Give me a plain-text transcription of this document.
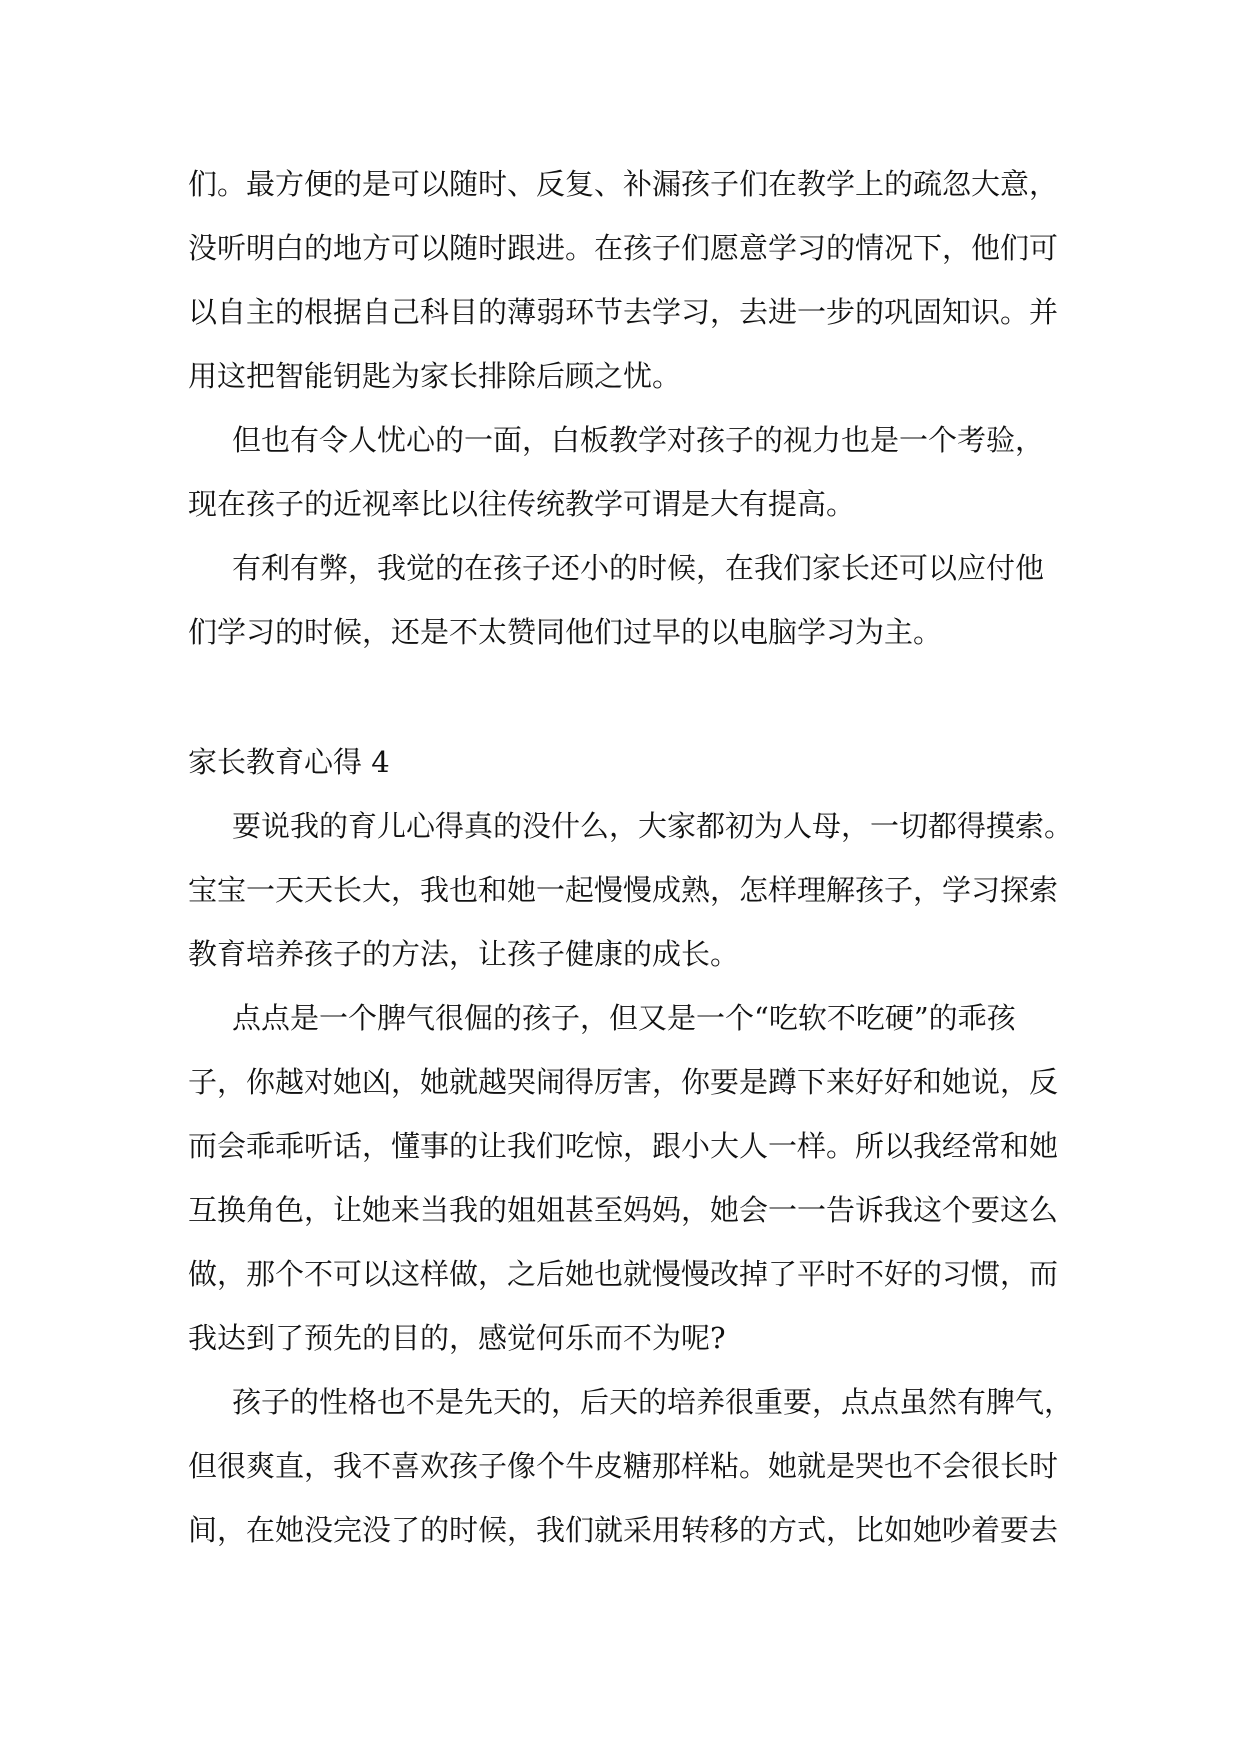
们。最方便的是可以随时、反复、补漏孩子们在教学上的疏忽大意，
没听明白的地方可以随时跟进。在孩子们愿意学习的情况下，他们可
以自主的根据自己科目的薄弱环节去学习，去进一步的巩固知识。并
用这把智能钥匙为家长排除后顾之忧。
但也有令人忧心的一面，白板教学对孩子的视力也是一个考验，
现在孩子的近视率比以往传统教学可谓是大有提高。
有利有弊，我觉的在孩子还小的时候，在我们家长还可以应付他
们学习的时候，还是不太赞同他们过早的以电脑学习为主。
家长教育心得 4
要说我的育儿心得真的没什么，大家都初为人母，一切都得摸索。
宝宝一天天长大，我也和她一起慢慢成熟，怎样理解孩子，学习探索
教育培养孩子的方法，让孩子健康的成长。
点点是一个脾气很倔的孩子，但又是一个“吃软不吃硬”的乖孩
子，你越对她凶，她就越哭闹得厉害，你要是蹲下来好好和她说，反
而会乖乖听话，懂事的让我们吃惊，跟小大人一样。所以我经常和她
互换角色，让她来当我的姐姐甚至妈妈，她会一一告诉我这个要这么
做，那个不可以这样做，之后她也就慢慢改掉了平时不好的习惯，而
我达到了预先的目的，感觉何乐而不为呢?
孩子的性格也不是先天的，后天的培养很重要，点点虽然有脾气，
但很爽直，我不喜欢孩子像个牛皮糖那样粘。她就是哭也不会很长时
间，在她没完没了的时候，我们就采用转移的方式，比如她吵着要去
